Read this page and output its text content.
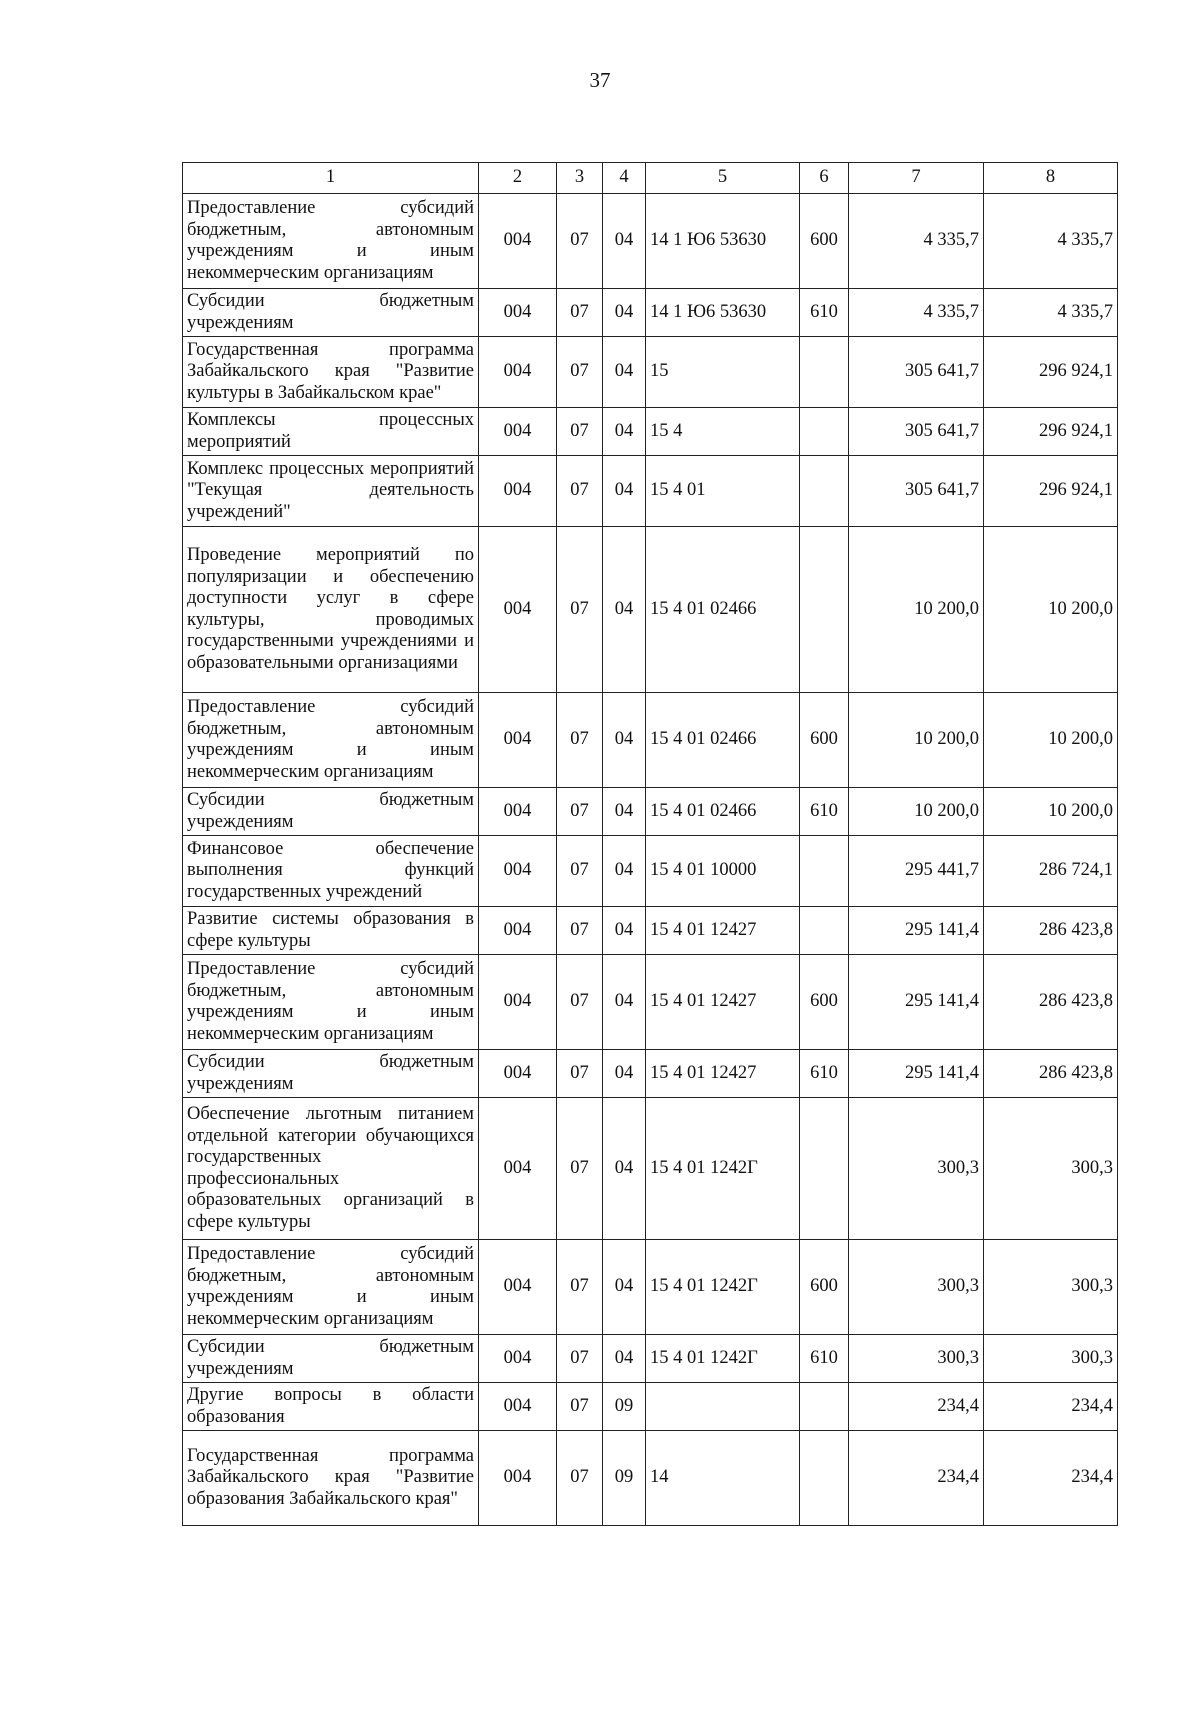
37
1	2	3	4	5	6	7	8
Предоставление субсидий бюджетным, автономным учреждениям и иным некоммерческим организациям	004	07	04	14 1 Ю6 53630	600	4 335,7	4 335,7
Субсидии бюджетным учреждениям	004	07	04	14 1 Ю6 53630	610	4 335,7	4 335,7
Государственная программа Забайкальского края "Развитие культуры в Забайкальском крае"	004	07	04	15		305 641,7	296 924,1
Комплексы процессных мероприятий	004	07	04	15 4		305 641,7	296 924,1
Комплекс процессных мероприятий "Текущая деятельность учреждений"	004	07	04	15 4 01		305 641,7	296 924,1
Проведение мероприятий по популяризации и обеспечению доступности услуг в сфере культуры, проводимых государственными учреждениями и образовательными организациями	004	07	04	15 4 01 02466		10 200,0	10 200,0
Предоставление субсидий бюджетным, автономным учреждениям и иным некоммерческим организациям	004	07	04	15 4 01 02466	600	10 200,0	10 200,0
Субсидии бюджетным учреждениям	004	07	04	15 4 01 02466	610	10 200,0	10 200,0
Финансовое обеспечение выполнения функций государственных учреждений	004	07	04	15 4 01 10000		295 441,7	286 724,1
Развитие системы образования в сфере культуры	004	07	04	15 4 01 12427		295 141,4	286 423,8
Предоставление субсидий бюджетным, автономным учреждениям и иным некоммерческим организациям	004	07	04	15 4 01 12427	600	295 141,4	286 423,8
Субсидии бюджетным учреждениям	004	07	04	15 4 01 12427	610	295 141,4	286 423,8
Обеспечение льготным питанием отдельной категории обучающихся государственных профессиональных образовательных организаций в сфере культуры	004	07	04	15 4 01 1242Г		300,3	300,3
Предоставление субсидий бюджетным, автономным учреждениям и иным некоммерческим организациям	004	07	04	15 4 01 1242Г	600	300,3	300,3
Субсидии бюджетным учреждениям	004	07	04	15 4 01 1242Г	610	300,3	300,3
Другие вопросы в области образования	004	07	09			234,4	234,4
Государственная программа Забайкальского края "Развитие образования Забайкальского края"	004	07	09	14		234,4	234,4
